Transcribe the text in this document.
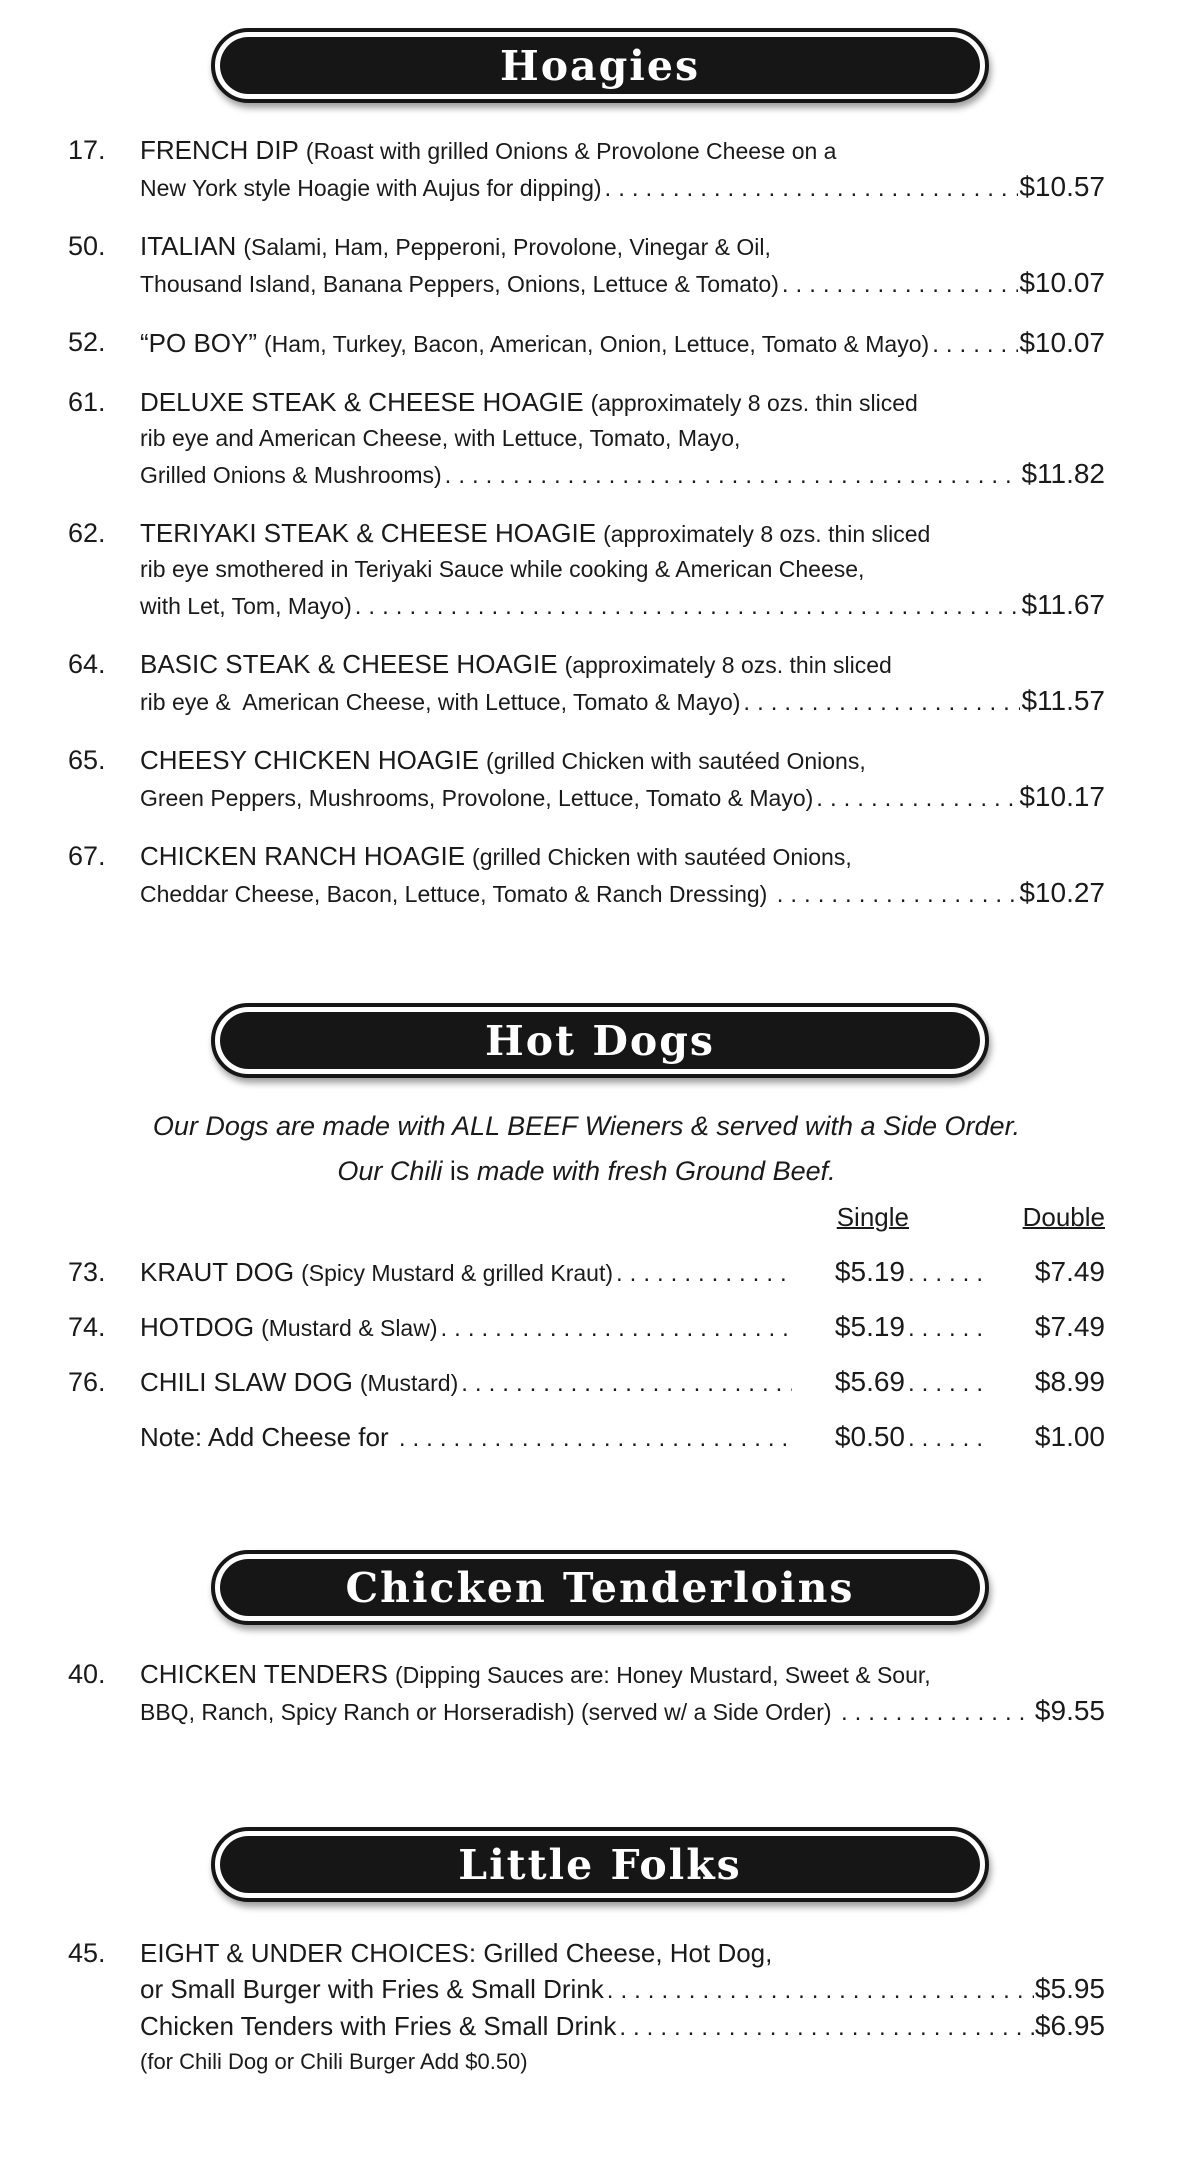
Hoagies
17.	FRENCH DIP (Roast with grilled Onions & Provolone Cheese on a
New York style Hoagie with Aujus for dipping) .....	$10.57
50.	ITALIAN (Salami, Ham, Pepperoni, Provolone, Vinegar & Oil,
Thousand Island, Banana Peppers, Onions, Lettuce & Tomato) .....	$10.07
52.	“PO BOY” (Ham, Turkey, Bacon, American, Onion, Lettuce, Tomato & Mayo) .....	$10.07
61.	DELUXE STEAK & CHEESE HOAGIE (approximately 8 ozs. thin sliced
rib eye and American Cheese, with Lettuce, Tomato, Mayo,
Grilled Onions & Mushrooms) .....	$11.82
62.	TERIYAKI STEAK & CHEESE HOAGIE (approximately 8 ozs. thin sliced
rib eye smothered in Teriyaki Sauce while cooking & American Cheese,
with Let, Tom, Mayo) .....	$11.67
64.	BASIC STEAK & CHEESE HOAGIE (approximately 8 ozs. thin sliced
rib eye &  American Cheese, with Lettuce, Tomato & Mayo) .....	$11.57
65.	CHEESY CHICKEN HOAGIE (grilled Chicken with sautéed Onions,
Green Peppers, Mushrooms, Provolone, Lettuce, Tomato & Mayo) .....	$10.17
67.	CHICKEN RANCH HOAGIE (grilled Chicken with sautéed Onions,
Cheddar Cheese, Bacon, Lettuce, Tomato & Ranch Dressing) .....	$10.27
Hot Dogs
Our Dogs are made with ALL BEEF Wieners & served with a Side Order.
Our Chili is made with fresh Ground Beef.
Single	Double
73.	KRAUT DOG (Spicy Mustard & grilled Kraut) .....	$5.19 .....	$7.49
74.	HOTDOG (Mustard & Slaw) .....	$5.19 .....	$7.49
76.	CHILI SLAW DOG (Mustard) .....	$5.69 .....	$8.99
Note: Add Cheese for .....	$0.50 .....	$1.00
Chicken Tenderloins
40.	CHICKEN TENDERS (Dipping Sauces are: Honey Mustard, Sweet & Sour,
BBQ, Ranch, Spicy Ranch or Horseradish) (served w/ a Side Order) .....	$9.55
Little Folks
45.	EIGHT & UNDER CHOICES: Grilled Cheese, Hot Dog,
or Small Burger with Fries & Small Drink .....	$5.95
Chicken Tenders with Fries & Small Drink .....	$6.95
(for Chili Dog or Chili Burger Add $0.50)
